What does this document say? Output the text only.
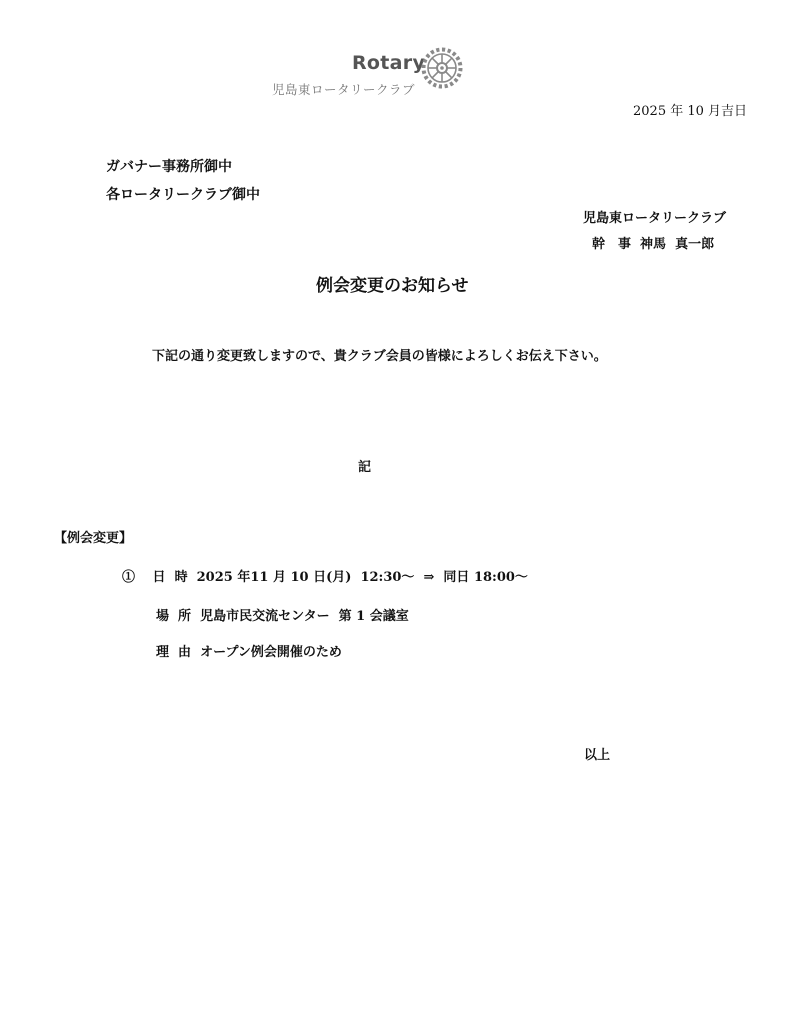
Rotary
児島東ロータリークラブ
2025 年 10 月吉日
ガバナー事務所御中
各ロータリークラブ御中
児島東ロータリークラブ
幹　事  神馬  真一郎
例会変更のお知らせ
下記の通り変更致しますので、貴クラブ会員の皆様によろしくお伝え下さい。
記
【例会変更】
①　 日  時  2025 年11 月 10 日(月)  12:30～  ⇒  同日 18:00～
場  所  児島市民交流センター  第 1 会議室
理  由  オープン例会開催のため
以上
